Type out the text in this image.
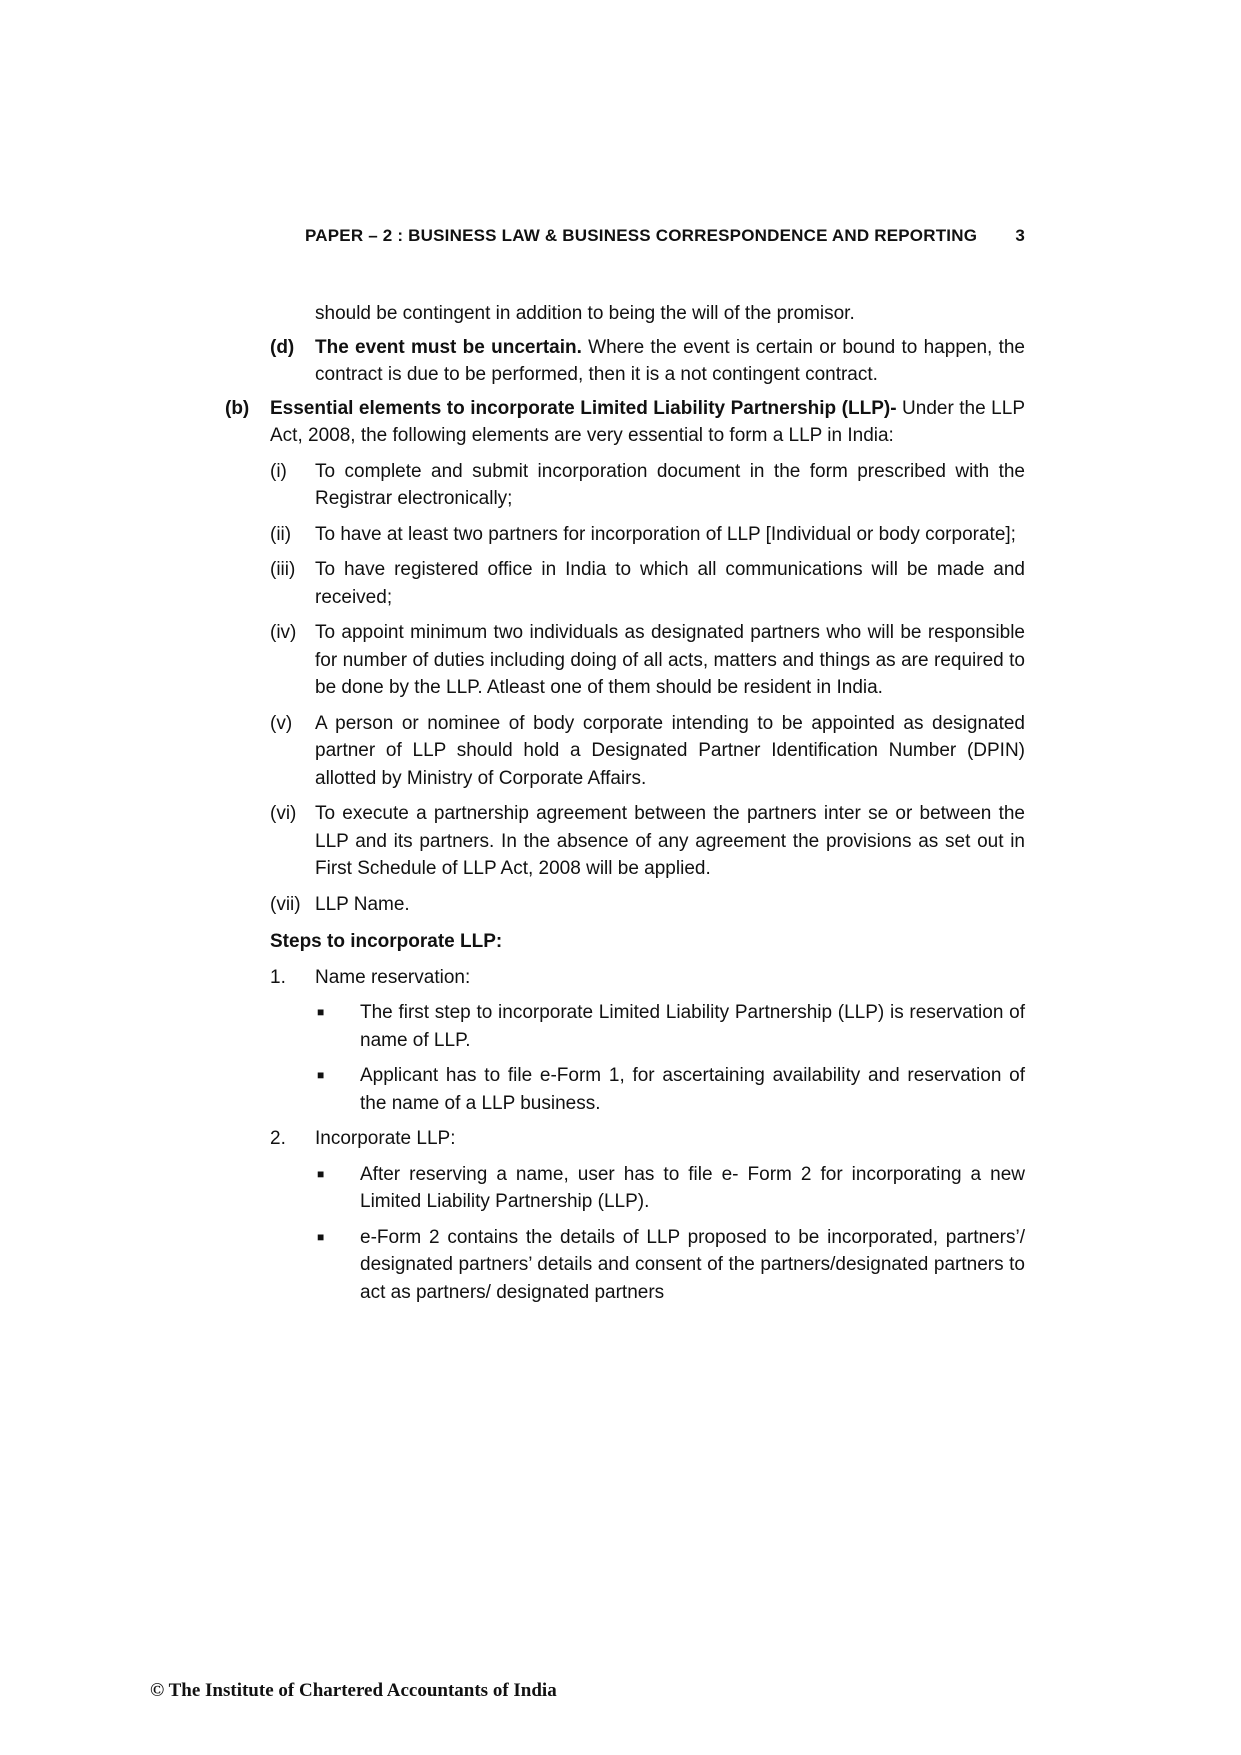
PAPER – 2 : BUSINESS LAW & BUSINESS CORRESPONDENCE AND REPORTING 3
should be contingent in addition to being the will of the promisor.
(d) The event must be uncertain. Where the event is certain or bound to happen, the contract is due to be performed, then it is a not contingent contract.
(b) Essential elements to incorporate Limited Liability Partnership (LLP)- Under the LLP Act, 2008, the following elements are very essential to form a LLP in India:
(i) To complete and submit incorporation document in the form prescribed with the Registrar electronically;
(ii) To have at least two partners for incorporation of LLP [Individual or body corporate];
(iii) To have registered office in India to which all communications will be made and received;
(iv) To appoint minimum two individuals as designated partners who will be responsible for number of duties including doing of all acts, matters and things as are required to be done by the LLP. Atleast one of them should be resident in India.
(v) A person or nominee of body corporate intending to be appointed as designated partner of LLP should hold a Designated Partner Identification Number (DPIN) allotted by Ministry of Corporate Affairs.
(vi) To execute a partnership agreement between the partners inter se or between the LLP and its partners. In the absence of any agreement the provisions as set out in First Schedule of LLP Act, 2008 will be applied.
(vii) LLP Name.
Steps to incorporate LLP:
1. Name reservation:
■ The first step to incorporate Limited Liability Partnership (LLP) is reservation of name of LLP.
■ Applicant has to file e-Form 1, for ascertaining availability and reservation of the name of a LLP business.
2. Incorporate LLP:
■ After reserving a name, user has to file e- Form 2 for incorporating a new Limited Liability Partnership (LLP).
■ e-Form 2 contains the details of LLP proposed to be incorporated, partners’/ designated partners’ details and consent of the partners/designated partners to act as partners/ designated partners
© The Institute of Chartered Accountants of India
